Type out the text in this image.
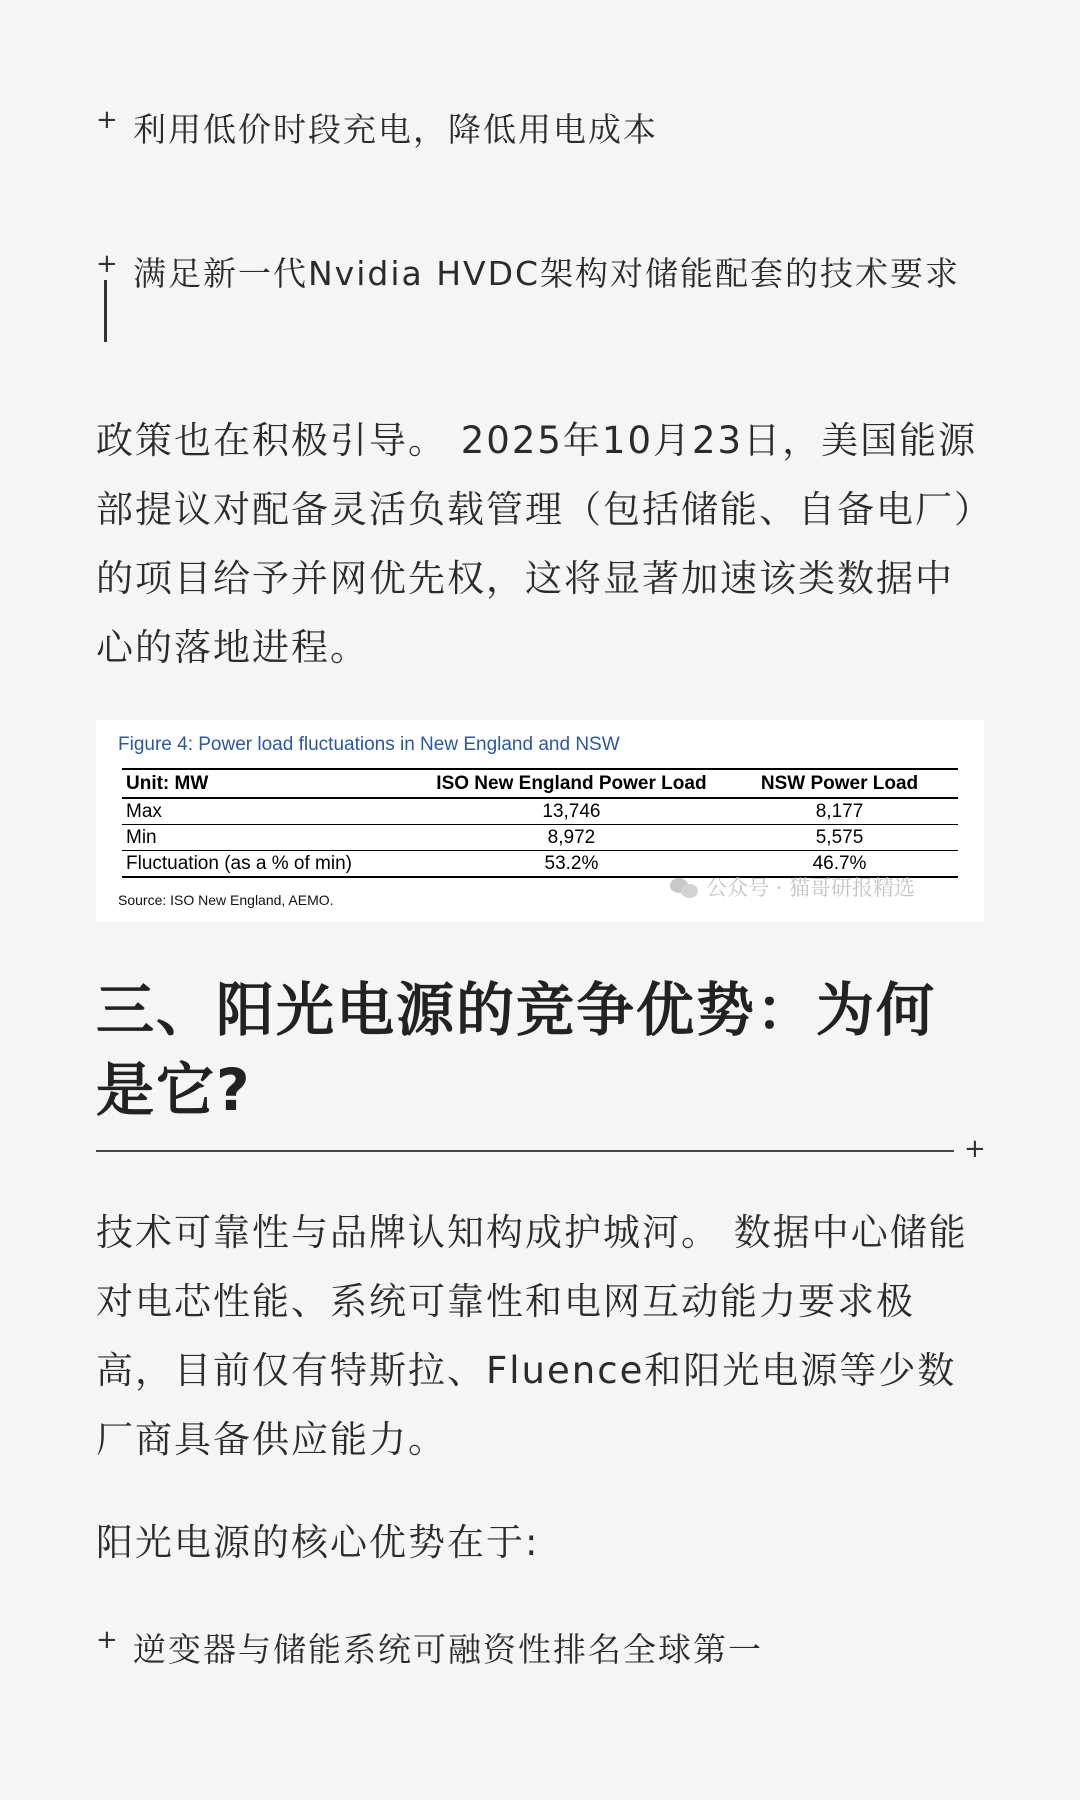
+ 利用低价时段充电，降低用电成本
+ 满足新一代Nvidia HVDC架构对储能配套的技术要求
政策也在积极引导。 2025年10月23日，美国能源部提议对配备灵活负载管理（包括储能、自备电厂）的项目给予并网优先权，这将显著加速该类数据中心的落地进程。
Figure 4: Power load fluctuations in New England and NSW
Unit: MW	ISO New England Power Load	NSW Power Load
Max	13,746	8,177
Min	8,972	5,575
Fluctuation (as a % of min)	53.2%	46.7%
Source: ISO New England, AEMO.	公众号 · 猫哥研报精选
三、阳光电源的竞争优势：为何是它?
+
技术可靠性与品牌认知构成护城河。 数据中心储能对电芯性能、系统可靠性和电网互动能力要求极高，目前仅有特斯拉、Fluence和阳光电源等少数厂商具备供应能力。
阳光电源的核心优势在于:
+ 逆变器与储能系统可融资性排名全球第一
